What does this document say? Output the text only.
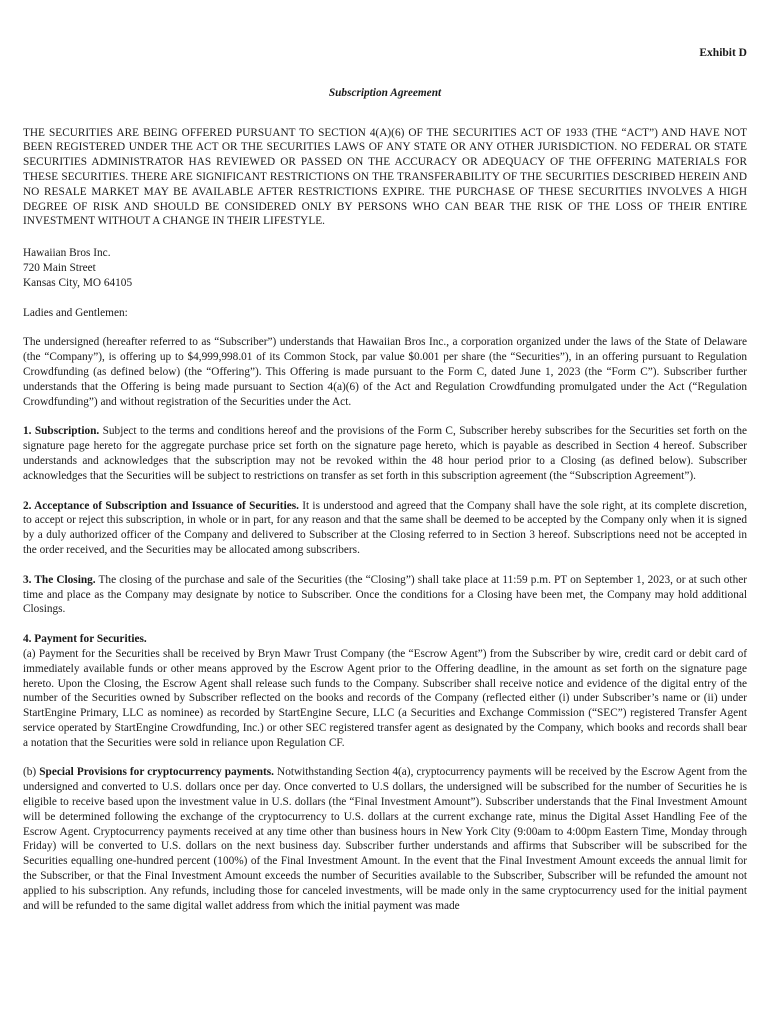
Exhibit D

Subscription Agreement

THE SECURITIES ARE BEING OFFERED PURSUANT TO SECTION 4(A)(6) OF THE SECURITIES ACT OF 1933 (THE “ACT”) AND HAVE NOT BEEN REGISTERED UNDER THE ACT OR THE SECURITIES LAWS OF ANY STATE OR ANY OTHER JURISDICTION. NO FEDERAL OR STATE SECURITIES ADMINISTRATOR HAS REVIEWED OR PASSED ON THE ACCURACY OR ADEQUACY OF THE OFFERING MATERIALS FOR THESE SECURITIES. THERE ARE SIGNIFICANT RESTRICTIONS ON THE TRANSFERABILITY OF THE SECURITIES DESCRIBED HEREIN AND NO RESALE MARKET MAY BE AVAILABLE AFTER RESTRICTIONS EXPIRE. THE PURCHASE OF THESE SECURITIES INVOLVES A HIGH DEGREE OF RISK AND SHOULD BE CONSIDERED ONLY BY PERSONS WHO CAN BEAR THE RISK OF THE LOSS OF THEIR ENTIRE INVESTMENT WITHOUT A CHANGE IN THEIR LIFESTYLE.

Hawaiian Bros Inc.
720 Main Street
Kansas City, MO 64105

Ladies and Gentlemen:

The undersigned (hereafter referred to as “Subscriber”) understands that Hawaiian Bros Inc., a corporation organized under the laws of the State of Delaware (the “Company”), is offering up to $4,999,998.01 of its Common Stock, par value $0.001 per share (the “Securities”), in an offering pursuant to Regulation Crowdfunding (as defined below) (the “Offering”). This Offering is made pursuant to the Form C, dated June 1, 2023 (the “Form C”). Subscriber further understands that the Offering is being made pursuant to Section 4(a)(6) of the Act and Regulation Crowdfunding promulgated under the Act (“Regulation Crowdfunding”) and without registration of the Securities under the Act.

1. Subscription. Subject to the terms and conditions hereof and the provisions of the Form C, Subscriber hereby subscribes for the Securities set forth on the signature page hereto for the aggregate purchase price set forth on the signature page hereto, which is payable as described in Section 4 hereof. Subscriber understands and acknowledges that the subscription may not be revoked within the 48 hour period prior to a Closing (as defined below). Subscriber acknowledges that the Securities will be subject to restrictions on transfer as set forth in this subscription agreement (the “Subscription Agreement”).

2. Acceptance of Subscription and Issuance of Securities. It is understood and agreed that the Company shall have the sole right, at its complete discretion, to accept or reject this subscription, in whole or in part, for any reason and that the same shall be deemed to be accepted by the Company only when it is signed by a duly authorized officer of the Company and delivered to Subscriber at the Closing referred to in Section 3 hereof. Subscriptions need not be accepted in the order received, and the Securities may be allocated among subscribers.

3. The Closing. The closing of the purchase and sale of the Securities (the “Closing”) shall take place at 11:59 p.m. PT on September 1, 2023, or at such other time and place as the Company may designate by notice to Subscriber. Once the conditions for a Closing have been met, the Company may hold additional Closings.

4. Payment for Securities.

(a) Payment for the Securities shall be received by Bryn Mawr Trust Company (the “Escrow Agent”) from the Subscriber by wire, credit card or debit card of immediately available funds or other means approved by the Escrow Agent prior to the Offering deadline, in the amount as set forth on the signature page hereto. Upon the Closing, the Escrow Agent shall release such funds to the Company. Subscriber shall receive notice and evidence of the digital entry of the number of the Securities owned by Subscriber reflected on the books and records of the Company (reflected either (i) under Subscriber’s name or (ii) under StartEngine Primary, LLC as nominee) as recorded by StartEngine Secure, LLC (a Securities and Exchange Commission (“SEC”) registered Transfer Agent service operated by StartEngine Crowdfunding, Inc.) or other SEC registered transfer agent as designated by the Company, which books and records shall bear a notation that the Securities were sold in reliance upon Regulation CF.

(b) Special Provisions for cryptocurrency payments. Notwithstanding Section 4(a), cryptocurrency payments will be received by the Escrow Agent from the undersigned and converted to U.S. dollars once per day. Once converted to U.S dollars, the undersigned will be subscribed for the number of Securities he is eligible to receive based upon the investment value in U.S. dollars (the “Final Investment Amount”). Subscriber understands that the Final Investment Amount will be determined following the exchange of the cryptocurrency to U.S. dollars at the current exchange rate, minus the Digital Asset Handling Fee of the Escrow Agent. Cryptocurrency payments received at any time other than business hours in New York City (9:00am to 4:00pm Eastern Time, Monday through Friday) will be converted to U.S. dollars on the next business day. Subscriber further understands and affirms that Subscriber will be subscribed for the Securities equalling one-hundred percent (100%) of the Final Investment Amount. In the event that the Final Investment Amount exceeds the annual limit for the Subscriber, or that the Final Investment Amount exceeds the number of Securities available to the Subscriber, Subscriber will be refunded the amount not applied to his subscription. Any refunds, including those for canceled investments, will be made only in the same cryptocurrency used for the initial payment and will be refunded to the same digital wallet address from which the initial payment was made
